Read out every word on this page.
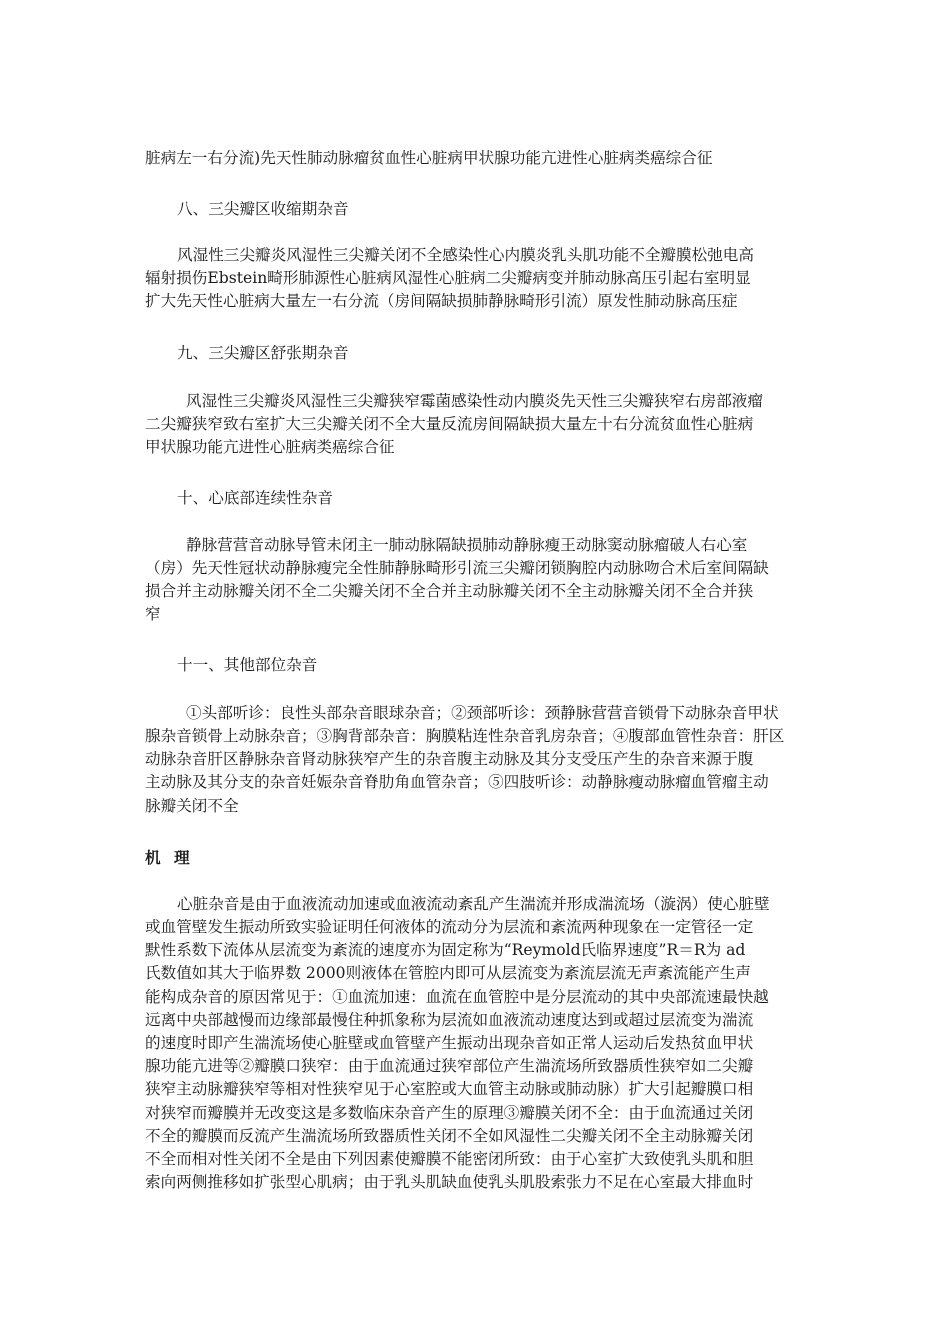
脏病左一右分流)先天性肺动脉瘤贫血性心脏病甲状腺功能亢进性心脏病类癌综合征
八、三尖瓣区收缩期杂音
风湿性三尖瓣炎风湿性三尖瓣关闭不全感染性心内膜炎乳头肌功能不全瓣膜松弛电高
辐射损伤Ebstein畸形肺源性心脏病风湿性心脏病二尖瓣病变并肺动脉高压引起右室明显
扩大先天性心脏病大量左一右分流（房间隔缺损肺静脉畸形引流）原发性肺动脉高压症
九、三尖瓣区舒张期杂音
风湿性三尖瓣炎风湿性三尖瓣狭窄霉菌感染性动内膜炎先天性三尖瓣狭窄右房部液瘤
二尖瓣狭窄致右室扩大三尖瓣关闭不全大量反流房间隔缺损大量左十右分流贫血性心脏病
甲状腺功能亢进性心脏病类癌综合征
十、心底部连续性杂音
静脉营营音动脉导管未闭主一肺动脉隔缺损肺动静脉瘦王动脉窦动脉瘤破人右心室
（房）先天性冠状动静脉瘦完全性肺静脉畸形引流三尖瓣闭锁胸腔内动脉吻合术后室间隔缺
损合并主动脉瓣关闭不全二尖瓣关闭不全合并主动脉瓣关闭不全主动脉瓣关闭不全合并狭
窄
十一、其他部位杂音
①头部听诊：良性头部杂音眼球杂音；②颈部听诊：颈静脉营营音锁骨下动脉杂音甲状
腺杂音锁骨上动脉杂音；③胸背部杂音：胸膜粘连性杂音乳房杂音；④腹部血管性杂音：肝区
动脉杂音肝区静脉杂音肾动脉狭窄产生的杂音腹主动脉及其分支受压产生的杂音来源于腹
主动脉及其分支的杂音妊娠杂音脊肋角血管杂音；⑤四肢听诊：动静脉瘦动脉瘤血管瘤主动
脉瓣关闭不全
机 理
心脏杂音是由于血液流动加速或血液流动紊乱产生湍流并形成湍流场（漩涡）使心脏壁
或血管壁发生振动所致实验证明任何液体的流动分为层流和紊流两种现象在一定管径一定
默性系数下流体从层流变为紊流的速度亦为固定称为“Reymold氏临界速度”R＝R为 ad
氏数值如其大于临界数 2000则液体在管腔内即可从层流变为紊流层流无声紊流能产生声
能构成杂音的原因常见于：①血流加速：血流在血管腔中是分层流动的其中央部流速最快越
远离中央部越慢而边缘部最慢住种抓象称为层流如血液流动速度达到或超过层流变为湍流
的速度时即产生湍流场使心脏壁或血管壁产生振动出现杂音如正常人运动后发热贫血甲状
腺功能亢进等②瓣膜口狭窄：由于血流通过狭窄部位产生湍流场所致器质性狭窄如二尖瓣
狭窄主动脉瓣狭窄等相对性狭窄见于心室腔或大血管主动脉或肺动脉）扩大引起瓣膜口相
对狭窄而瓣膜并无改变这是多数临床杂音产生的原理③瓣膜关闭不全：由于血流通过关闭
不全的瓣膜而反流产生湍流场所致器质性关闭不全如风湿性二尖瓣关闭不全主动脉瓣关闭
不全而相对性关闭不全是由下列因素使瓣膜不能密闭所致：由于心室扩大致使乳头肌和胆
索向两侧推移如扩张型心肌病；由于乳头肌缺血使乳头肌股索张力不足在心室最大排血时
